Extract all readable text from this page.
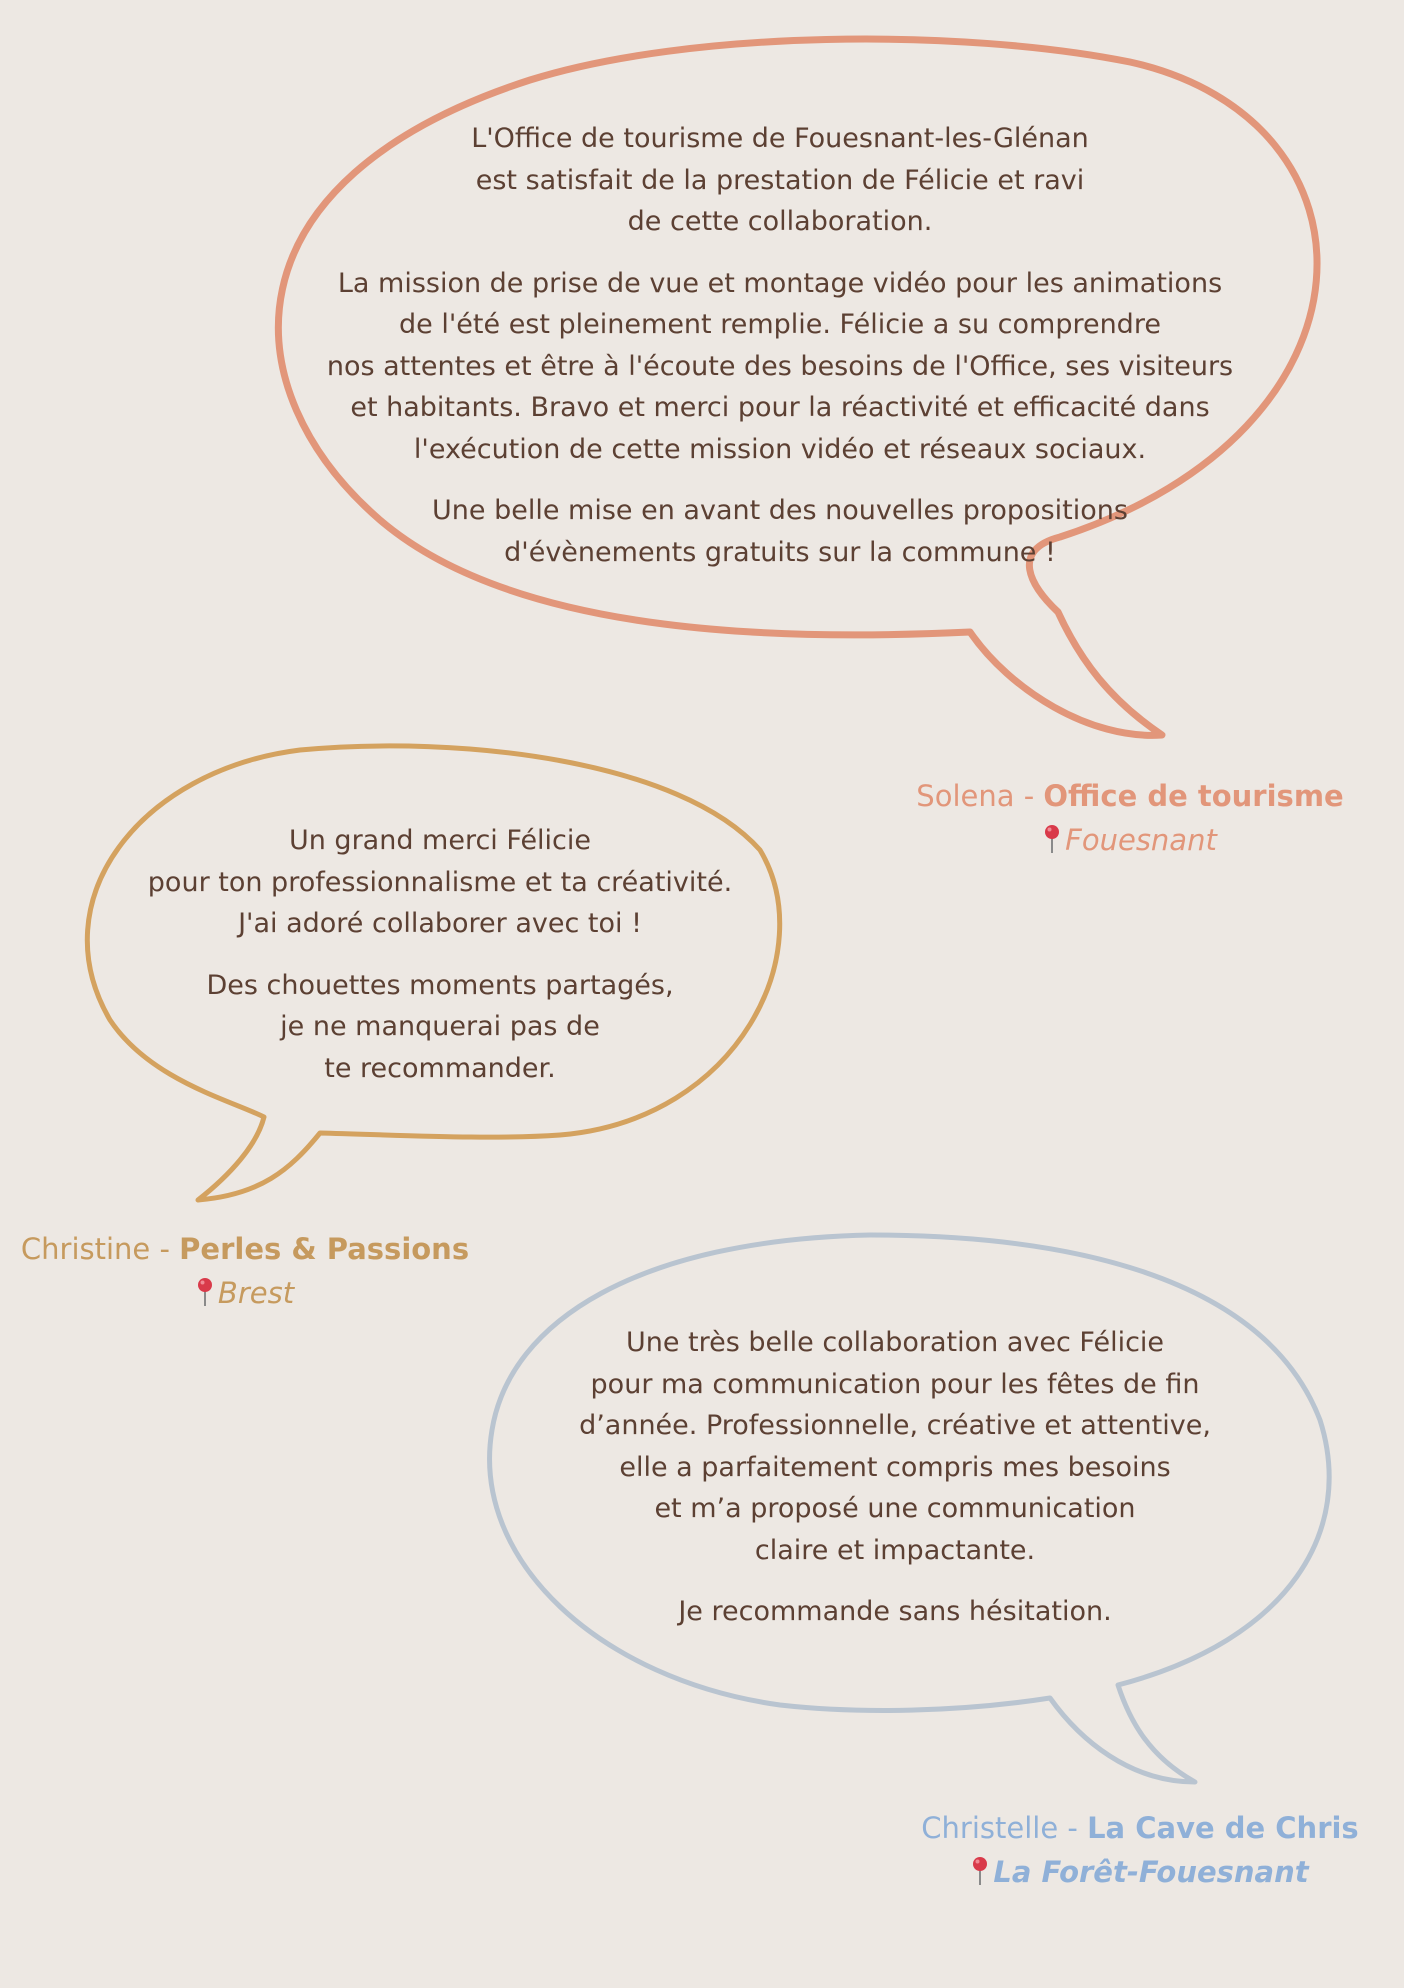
L'Office de tourisme de Fouesnant-les-Glénan
est satisfait de la prestation de Félicie et ravi
de cette collaboration.

La mission de prise de vue et montage vidéo pour les animations
de l'été est pleinement remplie. Félicie a su comprendre
nos attentes et être à l'écoute des besoins de l'Office, ses visiteurs
et habitants. Bravo et merci pour la réactivité et efficacité dans
l'exécution de cette mission vidéo et réseaux sociaux.

Une belle mise en avant des nouvelles propositions
d'évènements gratuits sur la commune !

Solena - Office de tourisme
Fouesnant

Un grand merci Félicie
pour ton professionnalisme et ta créativité.
J'ai adoré collaborer avec toi !

Des chouettes moments partagés,
je ne manquerai pas de
te recommander.

Christine - Perles & Passions
Brest

Une très belle collaboration avec Félicie
pour ma communication pour les fêtes de fin
d’année. Professionnelle, créative et attentive,
elle a parfaitement compris mes besoins
et m’a proposé une communication
claire et impactante.

Je recommande sans hésitation.

Christelle - La Cave de Chris
La Forêt-Fouesnant
